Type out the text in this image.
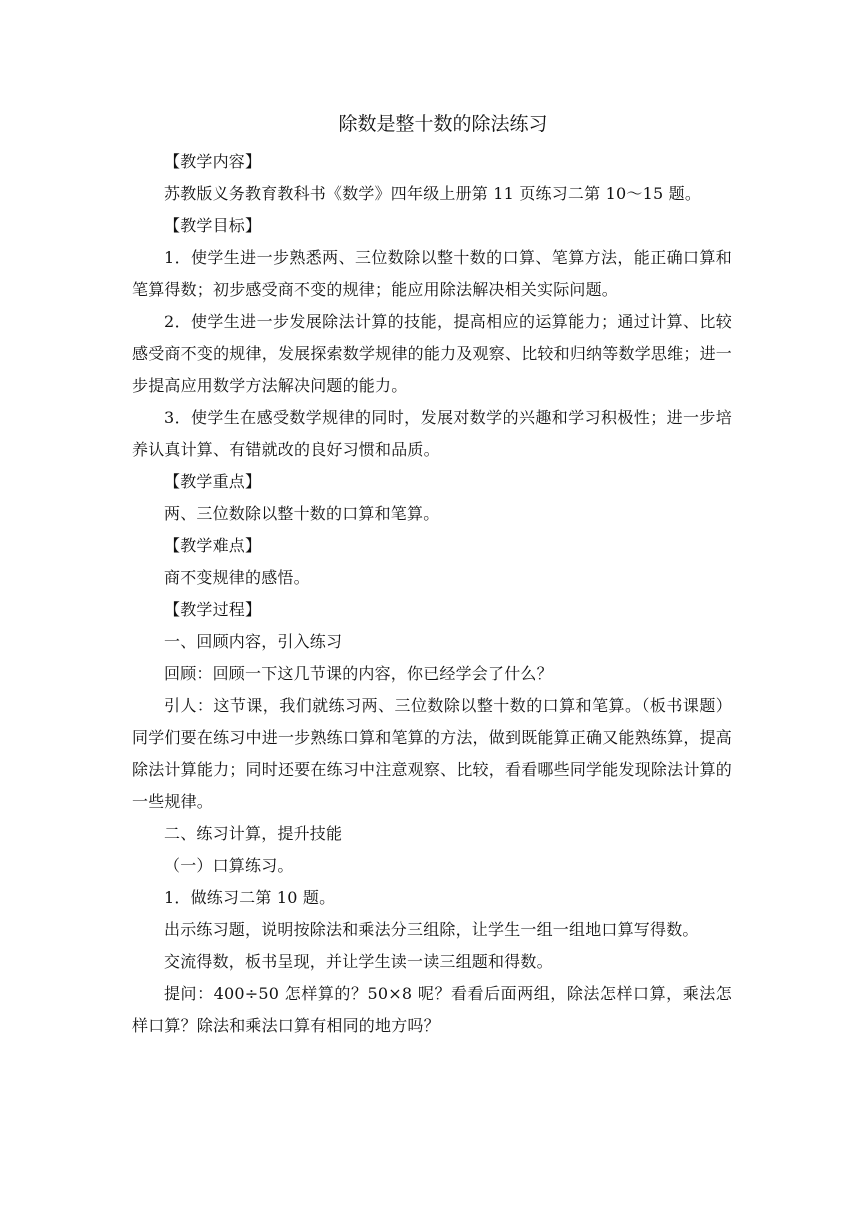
除数是整十数的除法练习

【教学内容】

苏教版义务教育教科书《数学》四年级上册第 11 页练习二第 10～15 题。

【教学目标】

1．使学生进一步熟悉两、三位数除以整十数的口算、笔算方法，能正确口算和笔算得数；初步感受商不变的规律；能应用除法解决相关实际问题。

2．使学生进一步发展除法计算的技能，提高相应的运算能力；通过计算、比较感受商不变的规律，发展探索数学规律的能力及观察、比较和归纳等数学思维；进一步提高应用数学方法解决问题的能力。

3．使学生在感受数学规律的同时，发展对数学的兴趣和学习积极性；进一步培养认真计算、有错就改的良好习惯和品质。

【教学重点】

两、三位数除以整十数的口算和笔算。

【教学难点】

商不变规律的感悟。

【教学过程】

一、回顾内容，引入练习

回顾：回顾一下这几节课的内容，你已经学会了什么？

引人：这节课，我们就练习两、三位数除以整十数的口算和笔算。（板书课题）同学们要在练习中进一步熟练口算和笔算的方法，做到既能算正确又能熟练算，提高除法计算能力；同时还要在练习中注意观察、比较，看看哪些同学能发现除法计算的一些规律。

二、练习计算，提升技能

（一）口算练习。

1．做练习二第 10 题。

出示练习题，说明按除法和乘法分三组除，让学生一组一组地口算写得数。

交流得数，板书呈现，并让学生读一读三组题和得数。

提问：400÷50 怎样算的？50×8 呢？看看后面两组，除法怎样口算，乘法怎样口算？除法和乘法口算有相同的地方吗？
